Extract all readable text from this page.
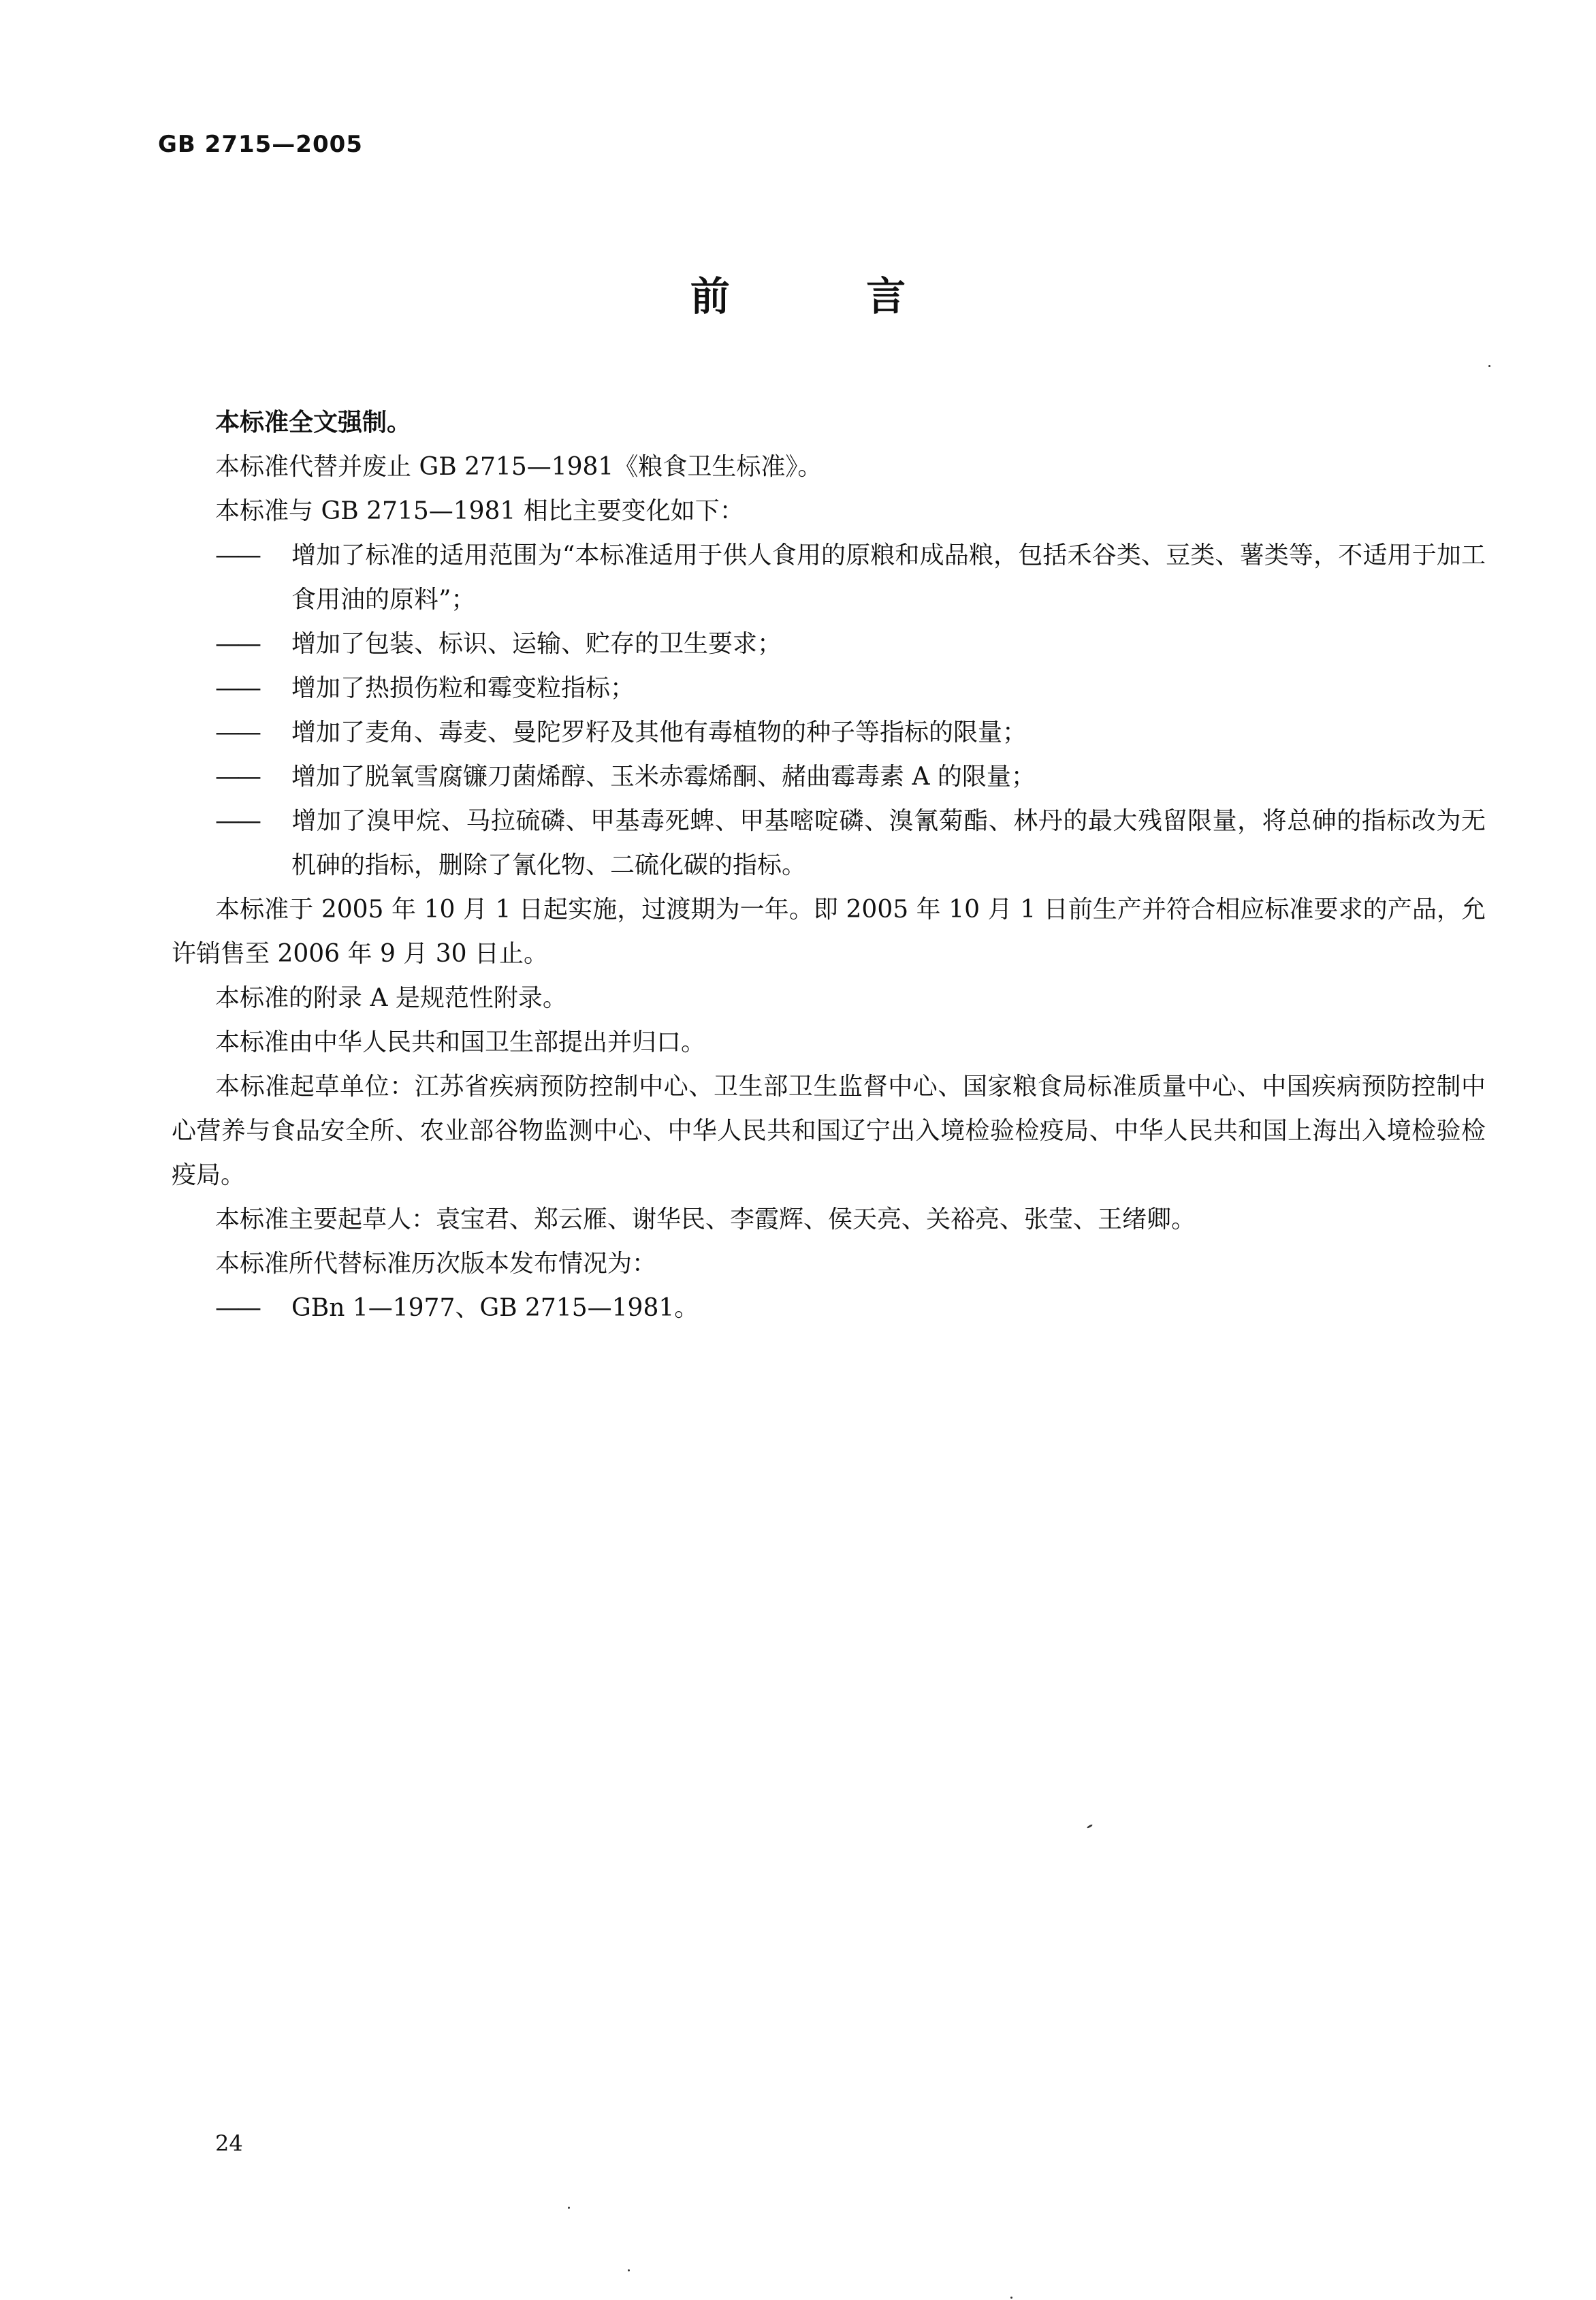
GB 2715—2005
前 言

本标准全文强制。

本标准代替并废止 GB 2715—1981《粮食卫生标准》。

本标准与 GB 2715—1981 相比主要变化如下：

—— 增加了标准的适用范围为“本标准适用于供人食用的原粮和成品粮，包括禾谷类、豆类、薯类等，不适用于加工食用油的原料”；

—— 增加了包装、标识、运输、贮存的卫生要求；

—— 增加了热损伤粒和霉变粒指标；

—— 增加了麦角、毒麦、曼陀罗籽及其他有毒植物的种子等指标的限量；

—— 增加了脱氧雪腐镰刀菌烯醇、玉米赤霉烯酮、赭曲霉毒素 A 的限量；

—— 增加了溴甲烷、马拉硫磷、甲基毒死蜱、甲基嘧啶磷、溴氰菊酯、林丹的最大残留限量，将总砷的指标改为无机砷的指标，删除了氰化物、二硫化碳的指标。

本标准于 2005 年 10 月 1 日起实施，过渡期为一年。即 2005 年 10 月 1 日前生产并符合相应标准要求的产品，允许销售至 2006 年 9 月 30 日止。

本标准的附录 A 是规范性附录。

本标准由中华人民共和国卫生部提出并归口。

本标准起草单位：江苏省疾病预防控制中心、卫生部卫生监督中心、国家粮食局标准质量中心、中国疾病预防控制中心营养与食品安全所、农业部谷物监测中心、中华人民共和国辽宁出入境检验检疫局、中华人民共和国上海出入境检验检疫局。

本标准主要起草人：袁宝君、郑云雁、谢华民、李霞辉、侯天亮、关裕亮、张莹、王绪卿。

本标准所代替标准历次版本发布情况为：

—— GBn 1—1977、GB 2715—1981。

24
